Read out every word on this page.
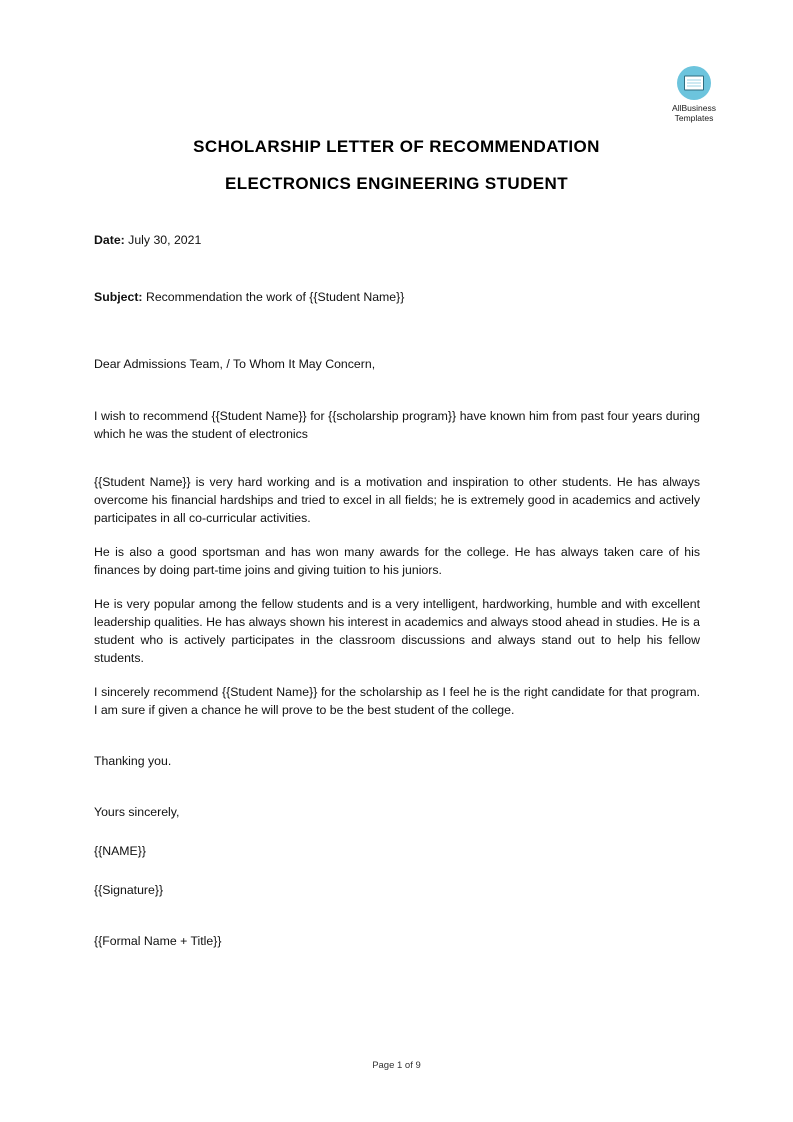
AllBusiness
Templates
SCHOLARSHIP LETTER OF RECOMMENDATION
ELECTRONICS ENGINEERING STUDENT
Date: July 30, 2021
Subject: Recommendation the work of {{Student Name}}
Dear Admissions Team, / To Whom It May Concern,
I wish to recommend {{Student Name}} for {{scholarship program}} have known him from past four years during which he was the student of electronics
{{Student Name}} is very hard working and is a motivation and inspiration to other students. He has always overcome his financial hardships and tried to excel in all fields; he is extremely good in academics and actively participates in all co-curricular activities.
He is also a good sportsman and has won many awards for the college. He has always taken care of his finances by doing part-time joins and giving tuition to his juniors.
He is very popular among the fellow students and is a very intelligent, hardworking, humble and with excellent leadership qualities. He has always shown his interest in academics and always stood ahead in studies. He is a student who is actively participates in the classroom discussions and always stand out to help his fellow students.
I sincerely recommend {{Student Name}} for the scholarship as I feel he is the right candidate for that program. I am sure if given a chance he will prove to be the best student of the college.
Thanking you.
Yours sincerely,
{{NAME}}
{{Signature}}
{{Formal Name + Title}}
Page 1 of 9
